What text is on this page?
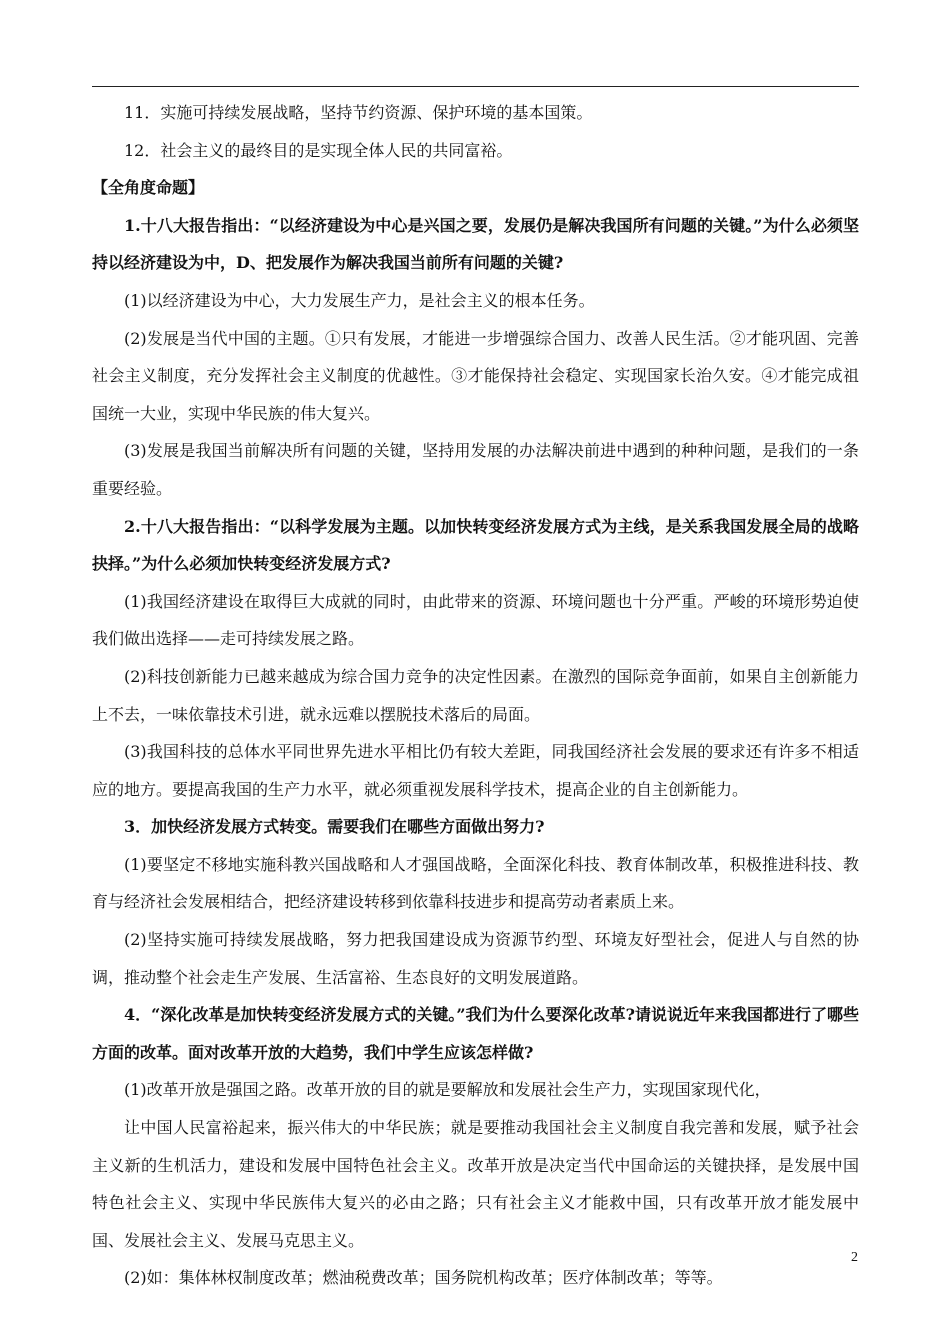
11．实施可持续发展战略，坚持节约资源、保护环境的基本国策。

12．社会主义的最终目的是实现全体人民的共同富裕。

【全角度命题】

1.十八大报告指出：“以经济建设为中心是兴国之要，发展仍是解决我国所有问题的关键。”为什么必须坚持以经济建设为中，D、把发展作为解决我国当前所有问题的关键?

(1)以经济建设为中心，大力发展生产力，是社会主义的根本任务。

(2)发展是当代中国的主题。①只有发展，才能进一步增强综合国力、改善人民生活。②才能巩固、完善社会主义制度，充分发挥社会主义制度的优越性。③才能保持社会稳定、实现国家长治久安。④才能完成祖国统一大业，实现中华民族的伟大复兴。

(3)发展是我国当前解决所有问题的关键，坚持用发展的办法解决前进中遇到的种种问题，是我们的一条重要经验。

2.十八大报告指出：“以科学发展为主题。以加快转变经济发展方式为主线，是关系我国发展全局的战略抉择。”为什么必须加快转变经济发展方式?

(1)我国经济建设在取得巨大成就的同时，由此带来的资源、环境问题也十分严重。严峻的环境形势迫使我们做出选择——走可持续发展之路。

(2)科技创新能力已越来越成为综合国力竞争的决定性因素。在激烈的国际竞争面前，如果自主创新能力上不去，一味依靠技术引进，就永远难以摆脱技术落后的局面。

(3)我国科技的总体水平同世界先进水平相比仍有较大差距，同我国经济社会发展的要求还有许多不相适应的地方。要提高我国的生产力水平，就必须重视发展科学技术，提高企业的自主创新能力。

3．加快经济发展方式转变。需要我们在哪些方面做出努力?

(1)要坚定不移地实施科教兴国战略和人才强国战略，全面深化科技、教育体制改革，积极推进科技、教育与经济社会发展相结合，把经济建设转移到依靠科技进步和提高劳动者素质上来。

(2)坚持实施可持续发展战略，努力把我国建设成为资源节约型、环境友好型社会，促进人与自然的协调，推动整个社会走生产发展、生活富裕、生态良好的文明发展道路。

4．“深化改革是加快转变经济发展方式的关键。”我们为什么要深化改革?请说说近年来我国都进行了哪些方面的改革。面对改革开放的大趋势，我们中学生应该怎样做?

(1)改革开放是强国之路。改革开放的目的就是要解放和发展社会生产力，实现国家现代化，

让中国人民富裕起来，振兴伟大的中华民族；就是要推动我国社会主义制度自我完善和发展，赋予社会主义新的生机活力，建设和发展中国特色社会主义。改革开放是决定当代中国命运的关键抉择，是发展中国特色社会主义、实现中华民族伟大复兴的必由之路；只有社会主义才能救中国，只有改革开放才能发展中国、发展社会主义、发展马克思主义。

(2)如：集体林权制度改革；燃油税费改革；国务院机构改革；医疗体制改革；等等。

2
